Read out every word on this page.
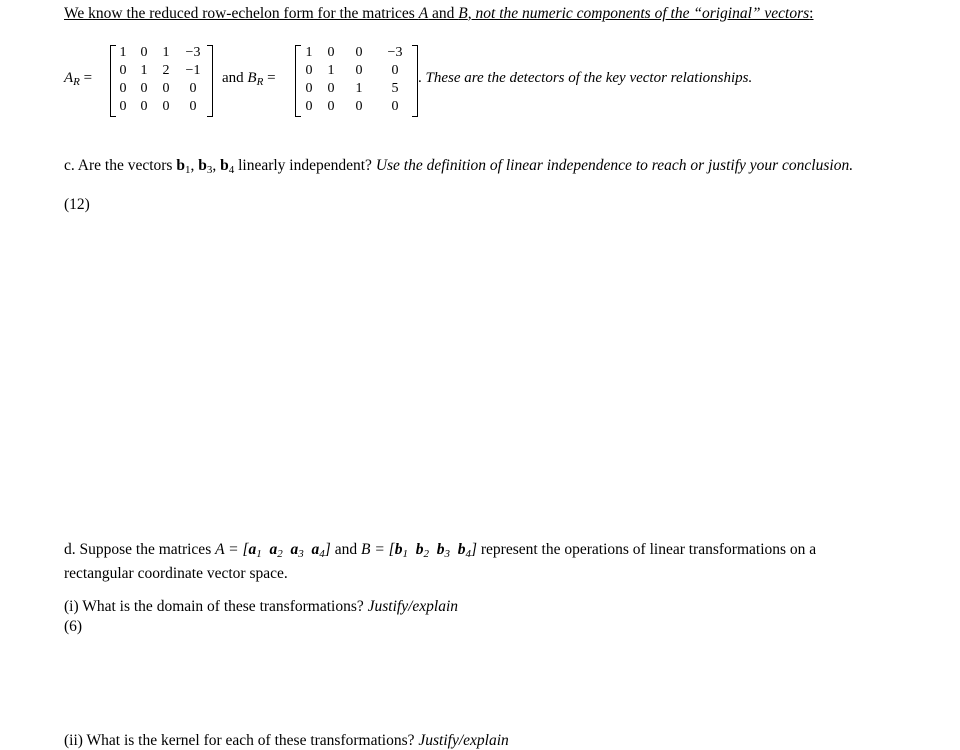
We know the reduced row-echelon form for the matrices A and B, not the numeric components of the “original” vectors:
$A_R$ =
1	0	1	−3
0	1	2	−1
0	0	0	0
0	0	0	0
and $B_R$ =
1	0	0	−3
0	1	0	0
0	0	1	5
0	0	0	0
. These are the detectors of the key vector relationships.
c. Are the vectors $b_1$, $b_3$, $b_4$ linearly independent? Use the definition of linear independence to reach or justify your conclusion.
(12)
d. Suppose the matrices $A = [a_1$ $a_2$ $a_3$ $a_4$] and $B = [b_1$ $b_2$ $b_3$ $b_4$] represent the operations of linear transformations on a rectangular coordinate vector space.
(i) What is the domain of these transformations? Justify/explain
(6)
(ii) What is the kernel for each of these transformations? Justify/explain
